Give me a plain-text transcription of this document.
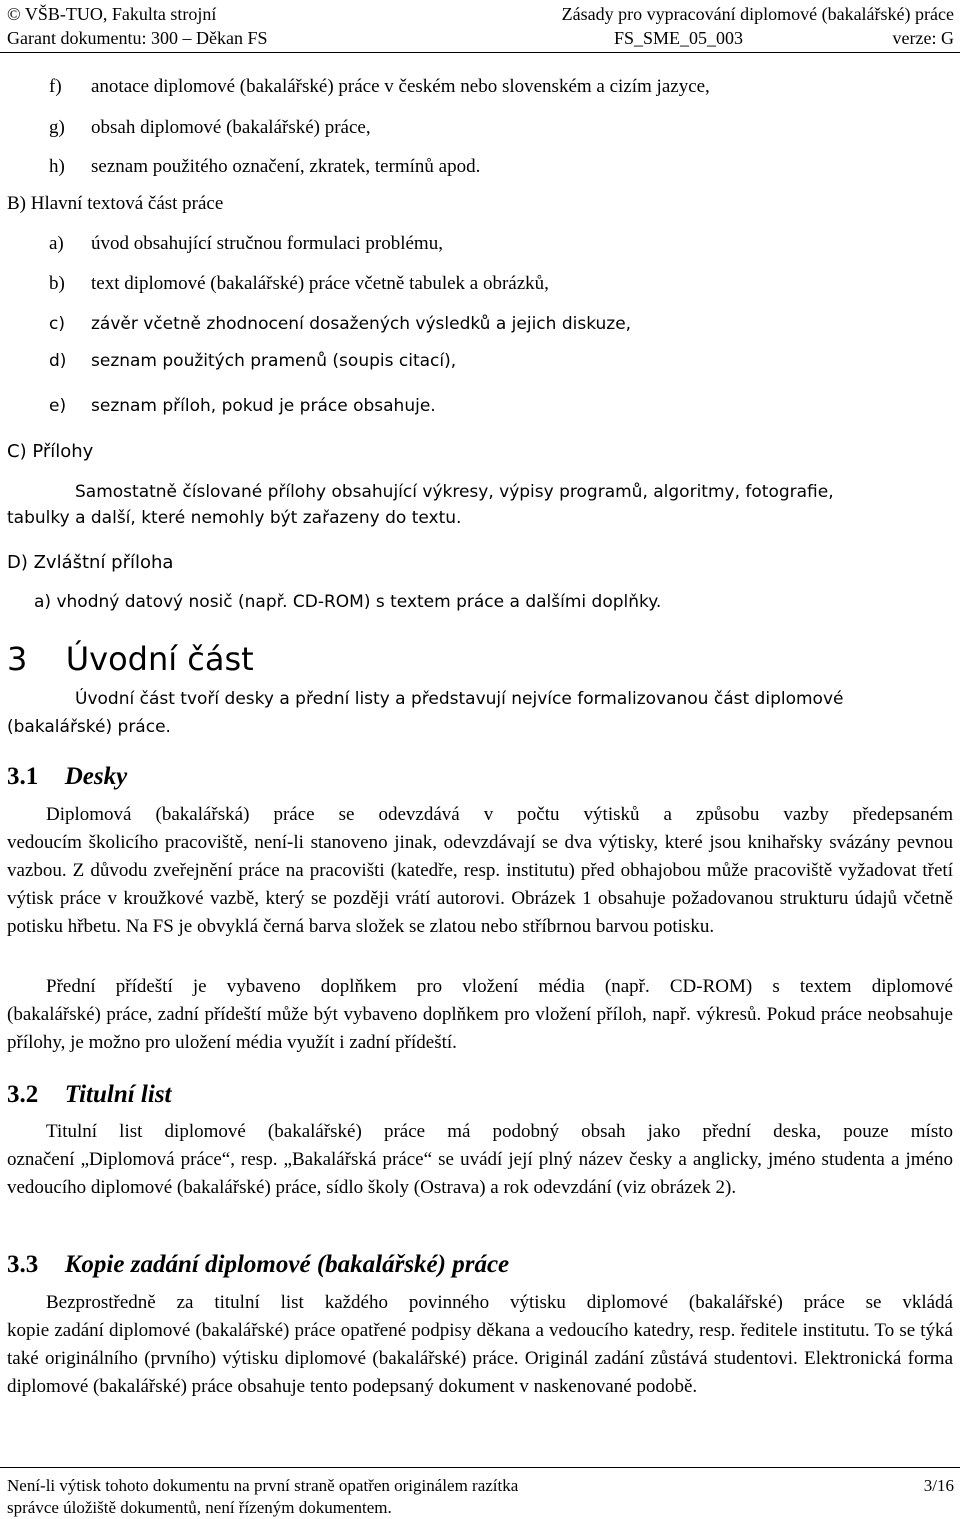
© VŠB-TUO, Fakulta strojní
Garant dokumentu: 300 – Děkan FS
Zásady pro vypracování diplomové (bakalářské) práce
FS_SME_05_003	verze: G
f) anotace diplomové (bakalářské) práce v českém nebo slovenském a cizím jazyce,
g) obsah diplomové (bakalářské) práce,
h) seznam použitého označení, zkratek, termínů apod.
B) Hlavní textová část práce
a) úvod obsahující stručnou formulaci problému,
b) text diplomové (bakalářské) práce včetně tabulek a obrázků,
c) závěr včetně zhodnocení dosažených výsledků a jejich diskuze,
d) seznam použitých pramenů (soupis citací),
e) seznam příloh, pokud je práce obsahuje.
C) Přílohy
Samostatně číslované přílohy obsahující výkresy, výpisy programů, algoritmy, fotografie,
tabulky a další, které nemohly být zařazeny do textu.
D) Zvláštní příloha
a) vhodný datový nosič (např. CD-ROM) s textem práce a dalšími doplňky.
3 Úvodní část
Úvodní část tvoří desky a přední listy a představují nejvíce formalizovanou část diplomové
(bakalářské) práce.
3.1 Desky
Diplomová (bakalářská) práce se odevzdává v počtu výtisků a způsobu vazby předepsaném
vedoucím školicího pracoviště, není-li stanoveno jinak, odevzdávají se dva výtisky, které jsou knihařsky svázány pevnou vazbou. Z důvodu zveřejnění práce na pracovišti (katedře, resp. institutu) před obhajobou může pracoviště vyžadovat třetí výtisk práce v kroužkové vazbě, který se později vrátí autorovi. Obrázek 1 obsahuje požadovanou strukturu údajů včetně potisku hřbetu. Na FS je obvyklá černá barva složek se zlatou nebo stříbrnou barvou potisku.
Přední přídeští je vybaveno doplňkem pro vložení média (např. CD-ROM) s textem diplomové
(bakalářské) práce, zadní přídeští může být vybaveno doplňkem pro vložení příloh, např. výkresů. Pokud práce neobsahuje přílohy, je možno pro uložení média využít i zadní přídeští.
3.2 Titulní list
Titulní list diplomové (bakalářské) práce má podobný obsah jako přední deska, pouze místo
označení „Diplomová práce“, resp. „Bakalářská práce“ se uvádí její plný název česky a anglicky, jméno studenta a jméno vedoucího diplomové (bakalářské) práce, sídlo školy (Ostrava) a rok odevzdání (viz obrázek 2).
3.3 Kopie zadání diplomové (bakalářské) práce
Bezprostředně za titulní list každého povinného výtisku diplomové (bakalářské) práce se vkládá
kopie zadání diplomové (bakalářské) práce opatřené podpisy děkana a vedoucího katedry, resp. ředitele institutu. To se týká také originálního (prvního) výtisku diplomové (bakalářské) práce. Originál zadání zůstává studentovi. Elektronická forma diplomové (bakalářské) práce obsahuje tento podepsaný dokument v naskenované podobě.
Není-li výtisk tohoto dokumentu na první straně opatřen originálem razítka
správce úložiště dokumentů, není řízeným dokumentem.
3/16
